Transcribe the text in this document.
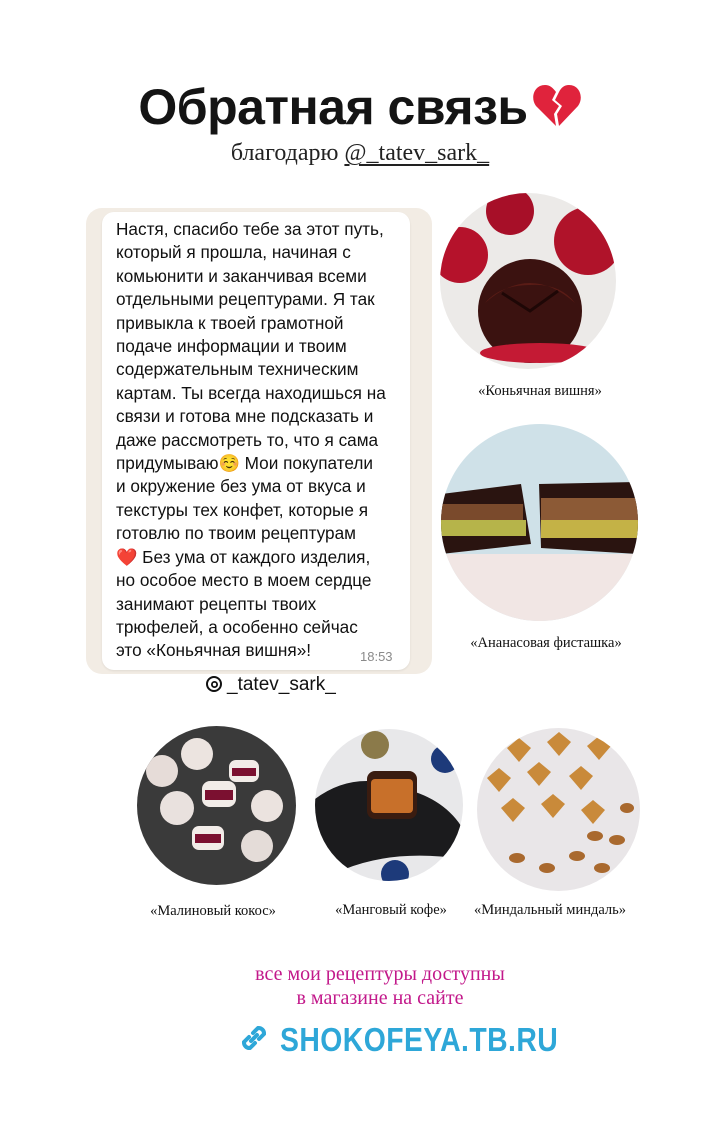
Обратная связь
благодарю @_tatev_sark_
Настя, спасибо тебе за этот путь,
который я прошла, начиная с
комьюнити и заканчивая всеми
отдельными рецептурами. Я так
привыкла к твоей грамотной
подаче информации и твоим
содержательным техническим
картам. Ты всегда находишься на
связи и готова мне подсказать и
даже рассмотреть то, что я сама
придумываю☺️ Мои покупатели
и окружение без ума от вкуса и
текстуры тех конфет, которые я
готовлю по твоим рецептурам
❤️ Без ума от каждого изделия,
но особое место в моем сердце
занимают рецепты твоих
трюфелей, а особенно сейчас
это «Коньячная вишня»!	18:53
_tatev_sark_
«Коньячная вишня»
«Ананасовая фисташка»
«Малиновый кокос»	«Манговый кофе»	«Миндальный миндаль»
все мои рецептуры доступны
в магазине на сайте
SHOKOFEYA.TB.RU
